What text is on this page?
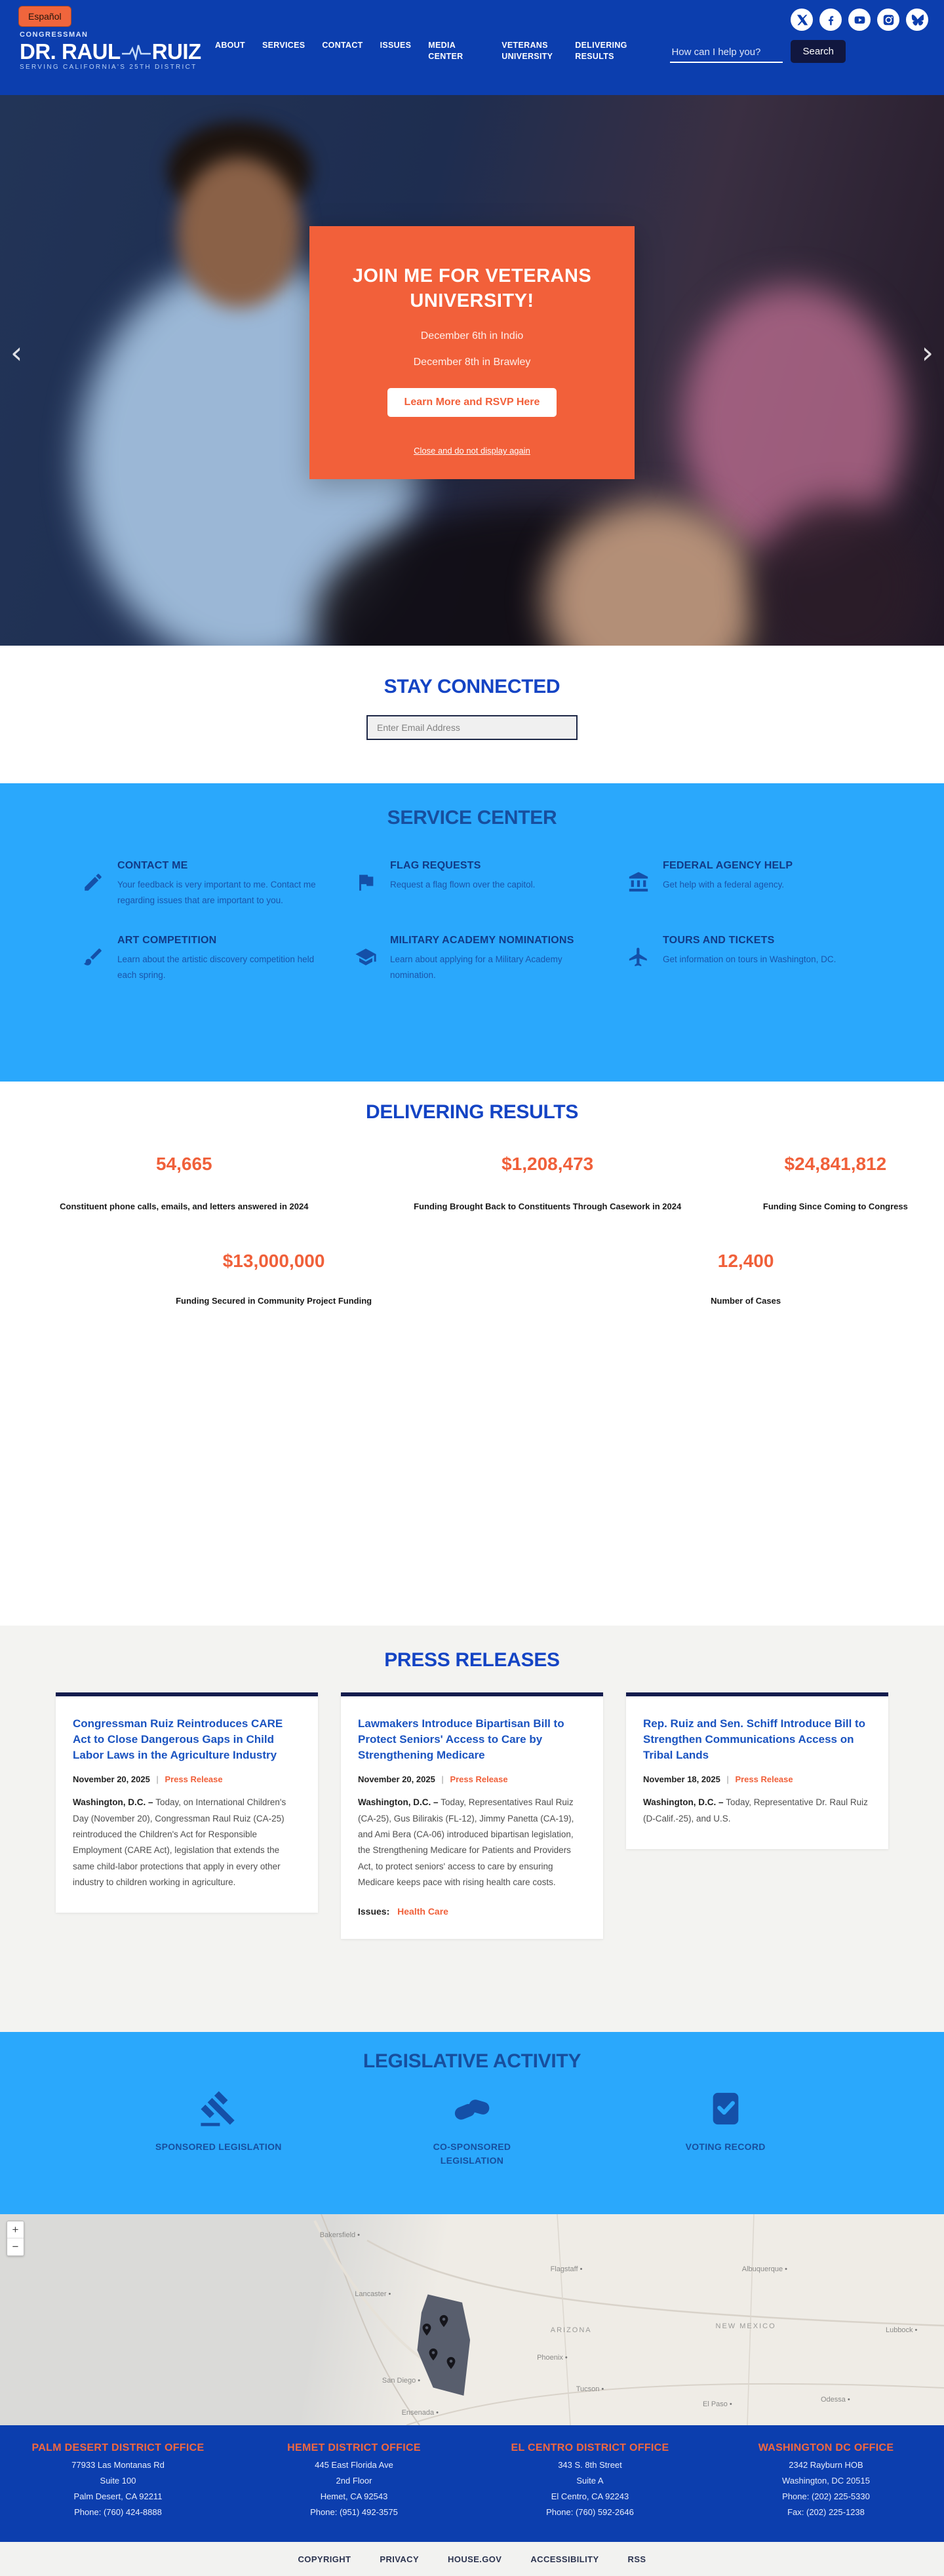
Español
CONGRESSMAN
DR. RAUL RUIZ
SERVING CALIFORNIA'S 25TH DISTRICT
ABOUT SERVICES CONTACT ISSUES MEDIA CENTER
VETERANS UNIVERSITY
DELIVERING RESULTS
How can I help you?	Search
‹	›
JOIN ME FOR VETERANS UNIVERSITY!
December 6th in Indio
December 8th in Brawley
Learn More and RSVP Here
Close and do not display again
STAY CONNECTED
Enter Email Address
SERVICE CENTER
CONTACT ME
Your feedback is very important to me. Contact me regarding issues that are important to you.
FLAG REQUESTS
Request a flag flown over the capitol.
FEDERAL AGENCY HELP
Get help with a federal agency.
ART COMPETITION
Learn about the artistic discovery competition held each spring.
MILITARY ACADEMY NOMINATIONS
Learn about applying for a Military Academy nomination.
TOURS AND TICKETS
Get information on tours in Washington, DC.
DELIVERING RESULTS
54,665
Constituent phone calls, emails, and letters answered in 2024
$1,208,473
Funding Brought Back to Constituents Through Casework in 2024
$24,841,812
Funding Since Coming to Congress
$13,000,000
Funding Secured in Community Project Funding
12,400
Number of Cases
PRESS RELEASES
Congressman Ruiz Reintroduces CARE Act to Close Dangerous Gaps in Child Labor Laws in the Agriculture Industry
November 20, 2025 | Press Release
Washington, D.C. – Today, on International Children's Day (November 20), Congressman Raul Ruiz (CA-25) reintroduced the Children's Act for Responsible Employment (CARE Act), legislation that extends the same child-labor protections that apply in every other industry to children working in agriculture.
Lawmakers Introduce Bipartisan Bill to Protect Seniors' Access to Care by Strengthening Medicare
November 20, 2025 | Press Release
Washington, D.C. – Today, Representatives Raul Ruiz (CA-25), Gus Bilirakis (FL-12), Jimmy Panetta (CA-19), and Ami Bera (CA-06) introduced bipartisan legislation, the Strengthening Medicare for Patients and Providers Act, to protect seniors' access to care by ensuring Medicare keeps pace with rising health care costs.
Issues: Health Care
Rep. Ruiz and Sen. Schiff Introduce Bill to Strengthen Communications Access on Tribal Lands
November 18, 2025 | Press Release
Washington, D.C. – Today, Representative Dr. Raul Ruiz (D-Calif.-25), and U.S.
LEGISLATIVE ACTIVITY
SPONSORED LEGISLATION	CO-SPONSORED LEGISLATION
VOTING RECORD
Bakersfield •
Lancaster •
San Diego •
Ensenada •
Flagstaff •
ARIZONA
Phoenix •
Tucson •
Albuquerque •
NEW MEXICO
El Paso •
Odessa •
Lubbock •
+
−
PALM DESERT DISTRICT OFFICE
77933 Las Montanas Rd
Suite 100
Palm Desert, CA 92211
Phone: (760) 424-8888
HEMET DISTRICT OFFICE
445 East Florida Ave
2nd Floor
Hemet, CA 92543
Phone: (951) 492-3575
EL CENTRO DISTRICT OFFICE
343 S. 8th Street
Suite A
El Centro, CA 92243
Phone: (760) 592-2646
WASHINGTON DC OFFICE
2342 Rayburn HOB
Washington, DC 20515
Phone: (202) 225-5330
Fax: (202) 225-1238
COPYRIGHT	PRIVACY	HOUSE.GOV	ACCESSIBILITY	RSS
